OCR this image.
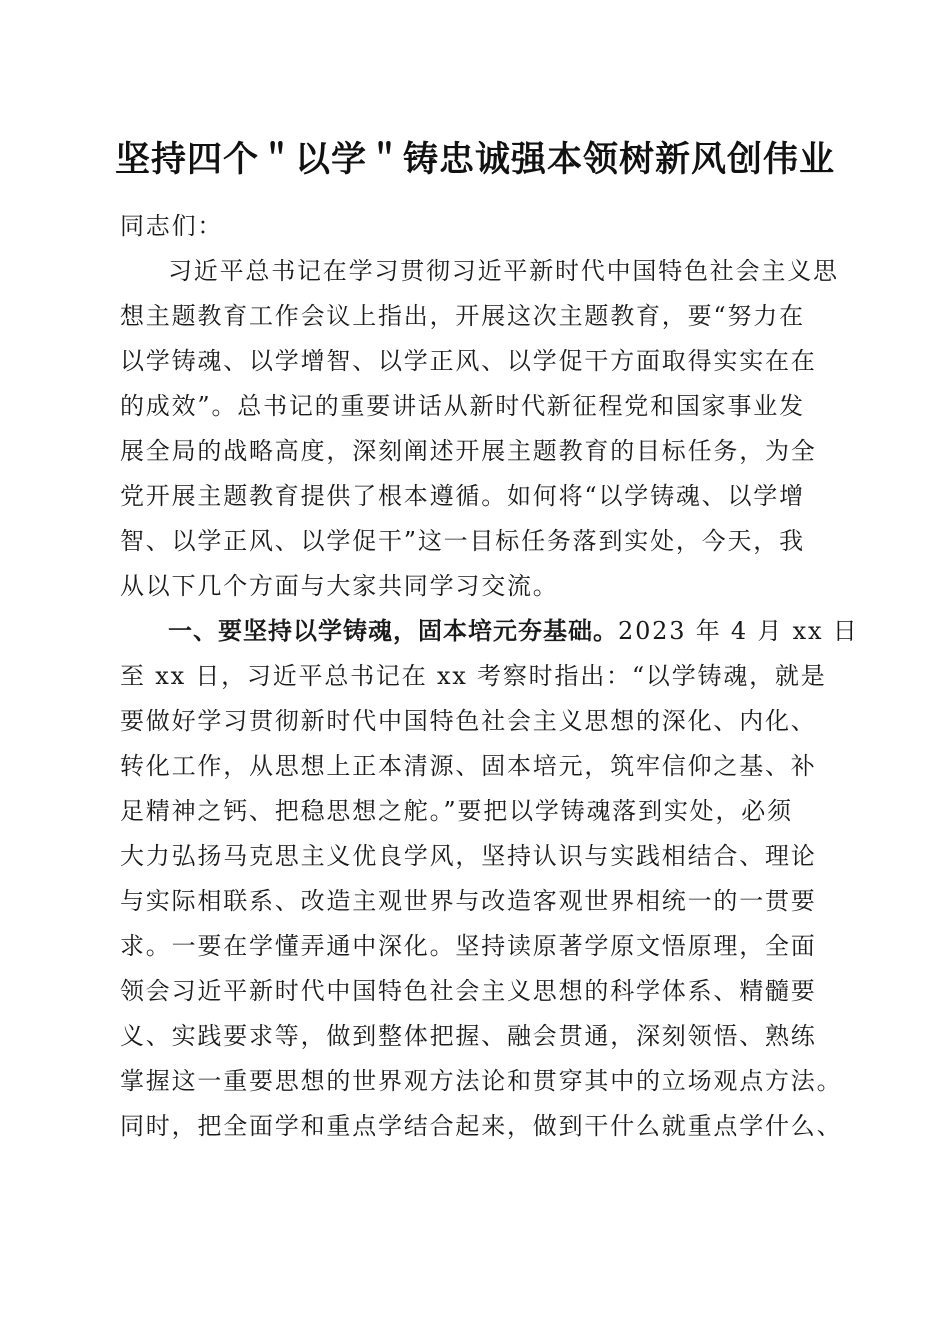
坚持四个＂以学＂铸忠诚强本领树新风创伟业
同志们：
习近平总书记在学习贯彻习近平新时代中国特色社会主义思
想主题教育工作会议上指出，开展这次主题教育，要“努力在
以学铸魂、以学增智、以学正风、以学促干方面取得实实在在
的成效”。总书记的重要讲话从新时代新征程党和国家事业发
展全局的战略高度，深刻阐述开展主题教育的目标任务，为全
党开展主题教育提供了根本遵循。如何将“以学铸魂、以学增
智、以学正风、以学促干”这一目标任务落到实处，今天，我
从以下几个方面与大家共同学习交流。
一、要坚持以学铸魂，固本培元夯基础。2023 年 4 月 xx 日
至 xx 日，习近平总书记在 xx 考察时指出：“以学铸魂，就是
要做好学习贯彻新时代中国特色社会主义思想的深化、内化、
转化工作，从思想上正本清源、固本培元，筑牢信仰之基、补
足精神之钙、把稳思想之舵。”要把以学铸魂落到实处，必须
大力弘扬马克思主义优良学风，坚持认识与实践相结合、理论
与实际相联系、改造主观世界与改造客观世界相统一的一贯要
求。一要在学懂弄通中深化。坚持读原著学原文悟原理，全面
领会习近平新时代中国特色社会主义思想的科学体系、精髓要
义、实践要求等，做到整体把握、融会贯通，深刻领悟、熟练
掌握这一重要思想的世界观方法论和贯穿其中的立场观点方法。
同时，把全面学和重点学结合起来，做到干什么就重点学什么、
